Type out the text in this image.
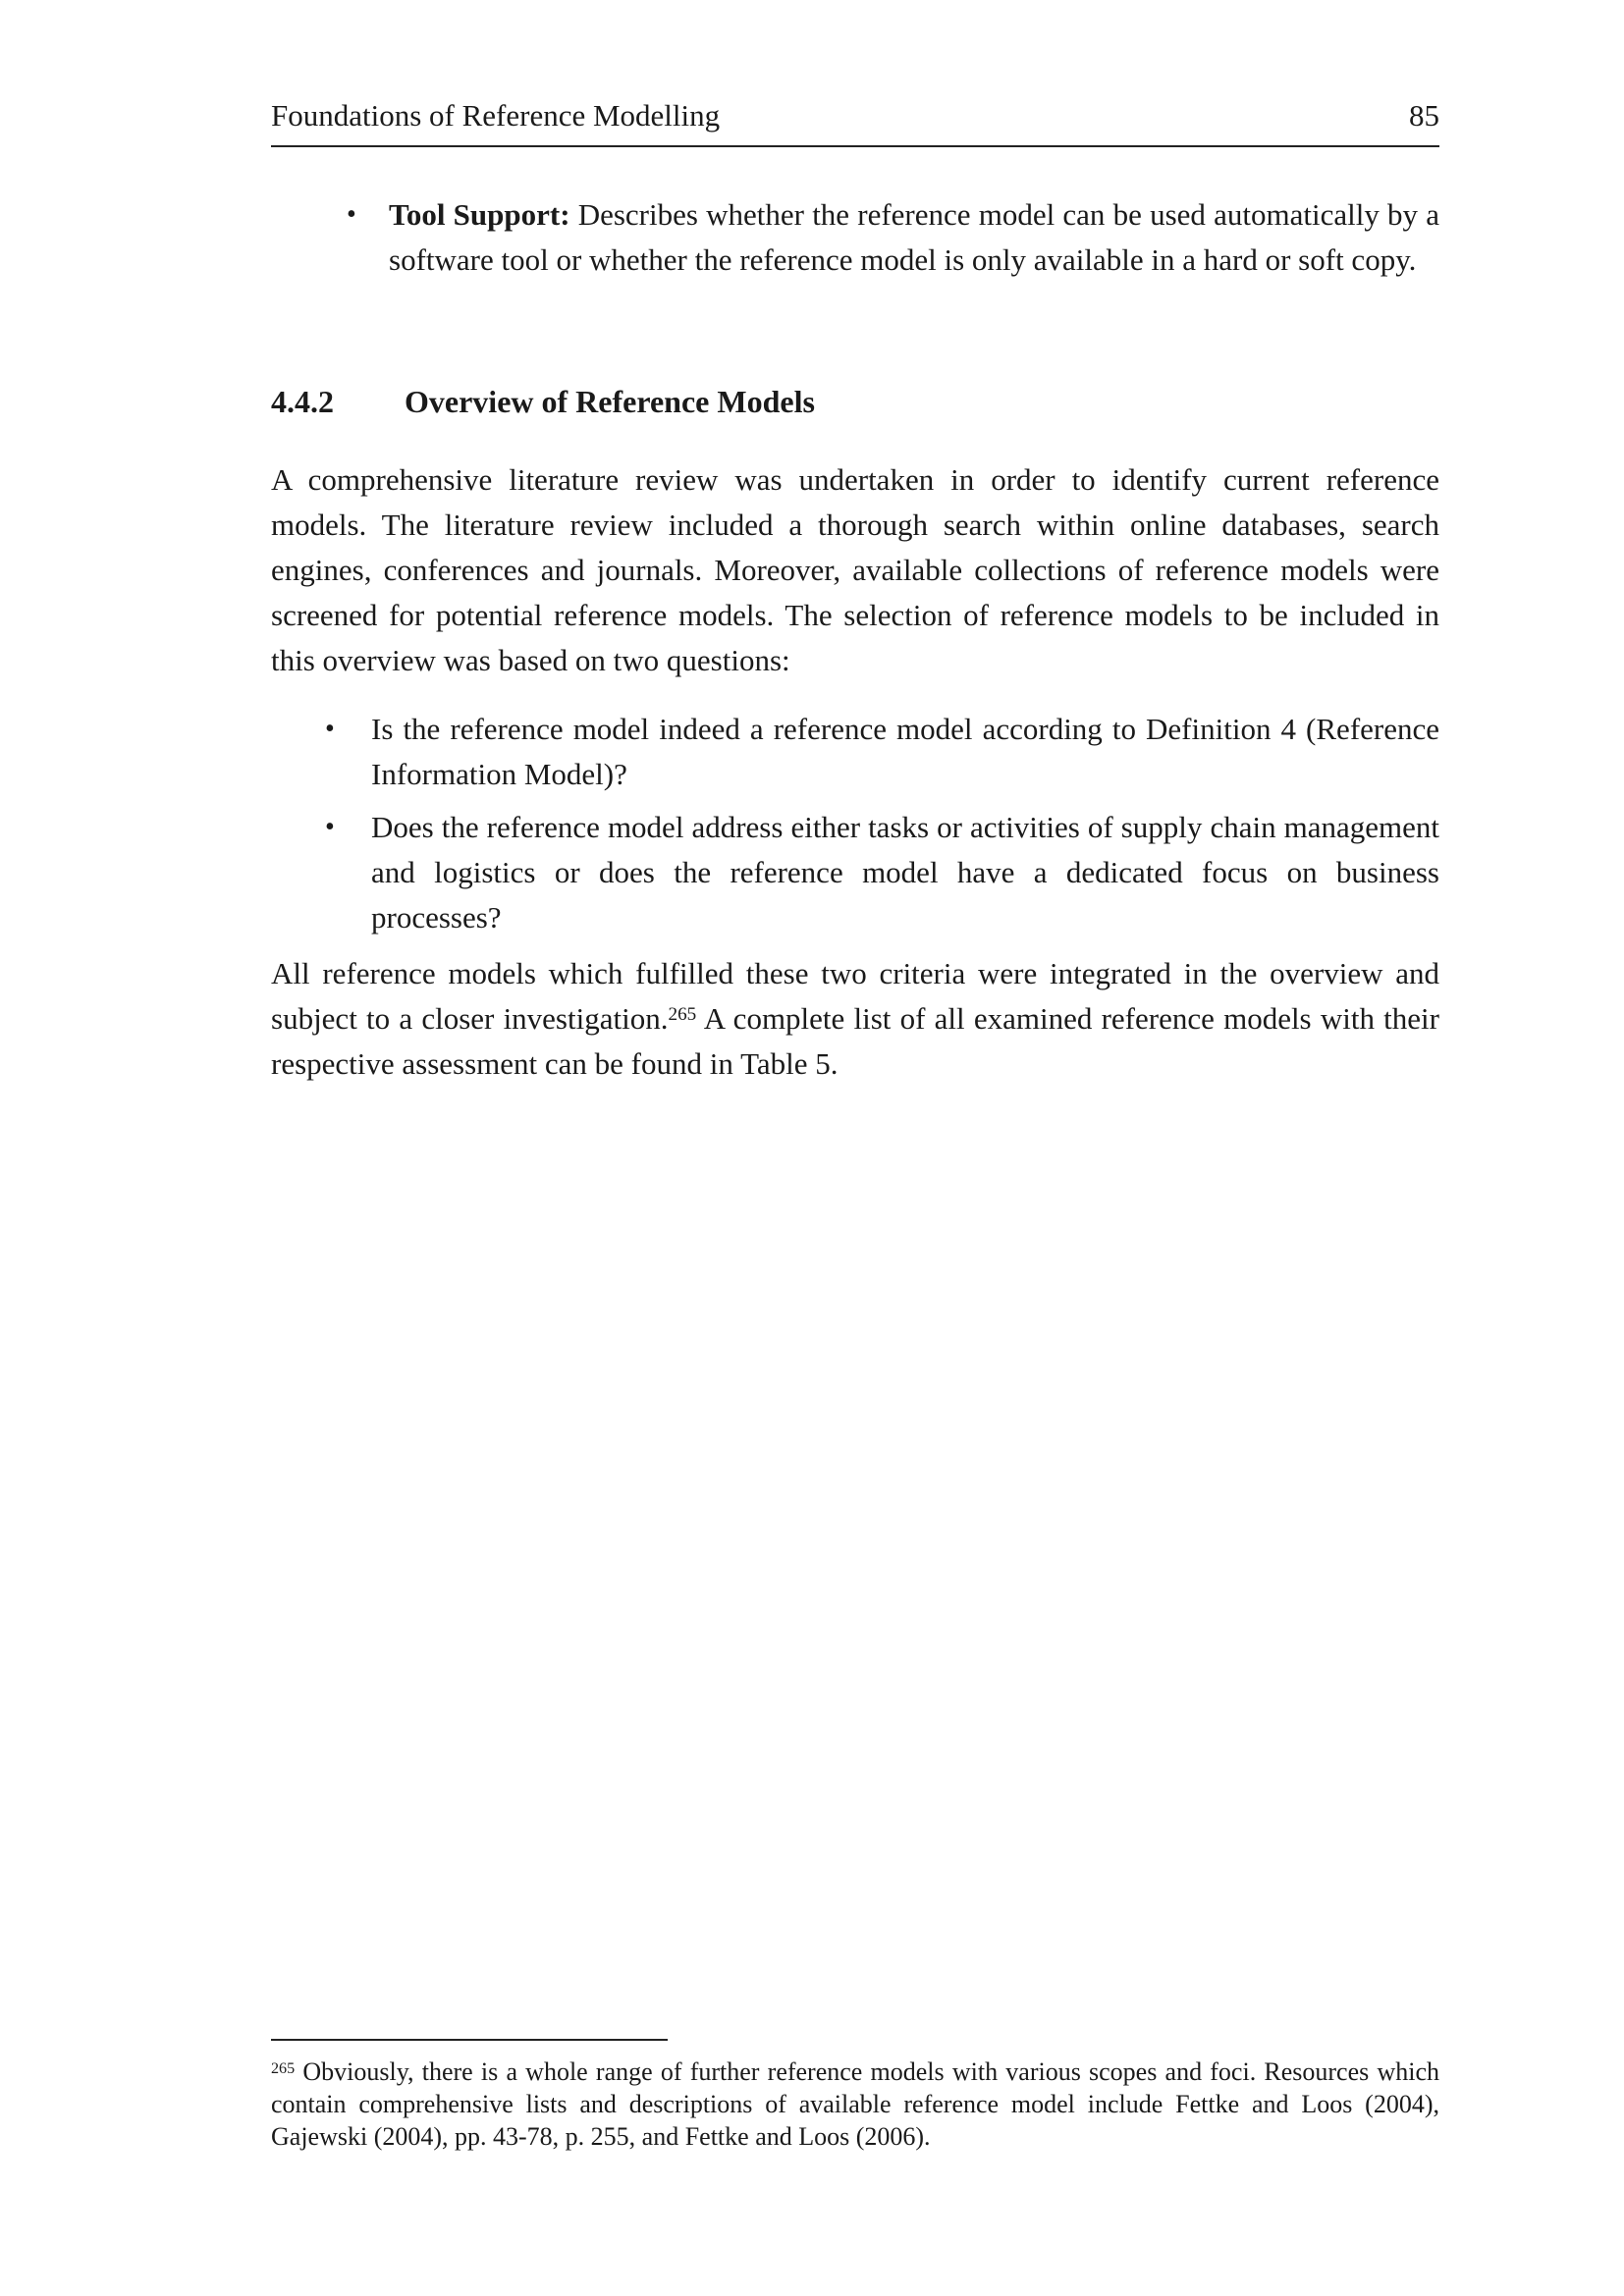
Foundations of Reference Modelling	85
• Tool Support: Describes whether the reference model can be used automatically by a software tool or whether the reference model is only available in a hard or soft copy.
4.4.2 Overview of Reference Models
A comprehensive literature review was undertaken in order to identify current reference models. The literature review included a thorough search within online databases, search engines, conferences and journals. Moreover, available collections of reference models were screened for potential reference models. The selection of reference models to be included in this overview was based on two questions:
• Is the reference model indeed a reference model according to Definition 4 (Reference Information Model)?
• Does the reference model address either tasks or activities of supply chain management and logistics or does the reference model have a dedicated focus on business processes?
All reference models which fulfilled these two criteria were integrated in the overview and subject to a closer investigation.$^{265}$ A complete list of all examined reference models with their respective assessment can be found in Table 5.
$^{265}$ Obviously, there is a whole range of further reference models with various scopes and foci. Resources which contain comprehensive lists and descriptions of available reference model include Fettke and Loos (2004), Gajewski (2004), pp. 43-78, p. 255, and Fettke and Loos (2006).
